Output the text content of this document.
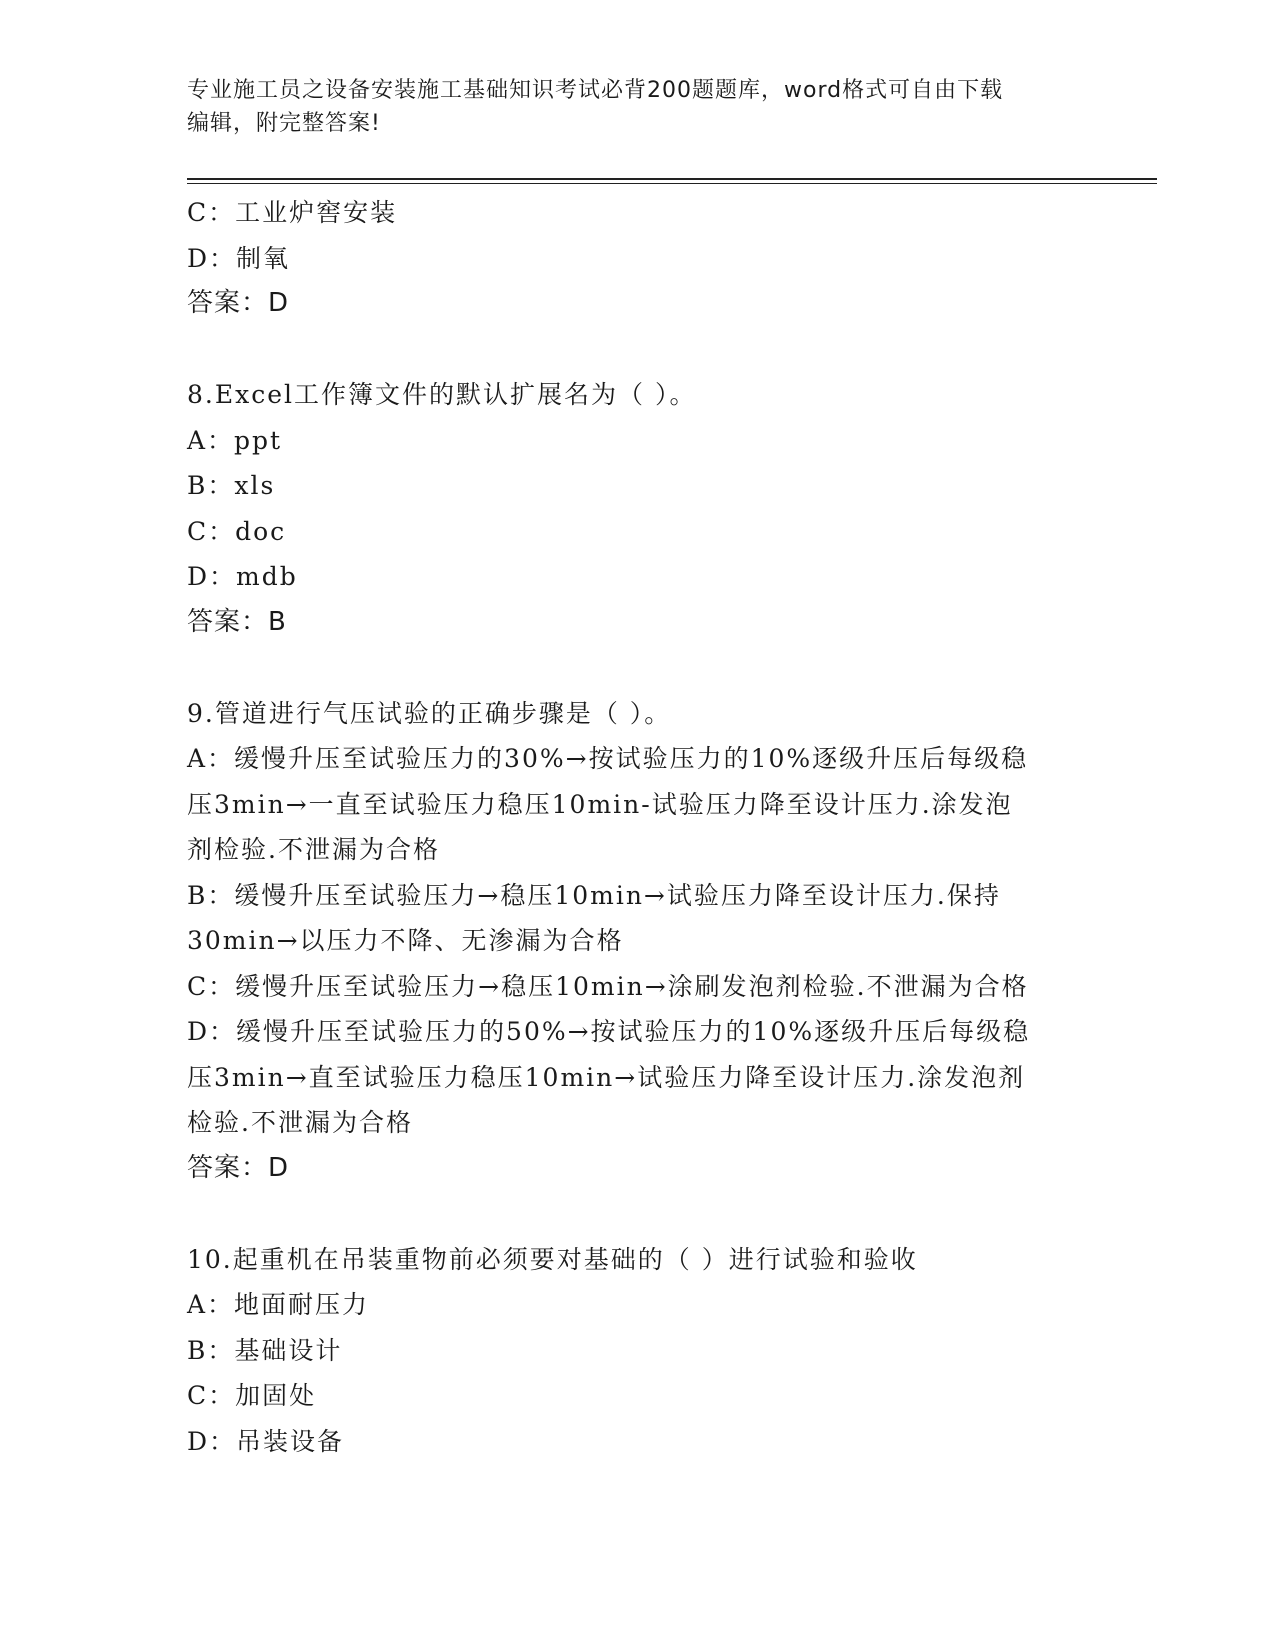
专业施工员之设备安装施工基础知识考试必背200题题库，word格式可自由下载
编辑，附完整答案!
C：工业炉窖安装
D：制氧
答案：D
8.Excel工作簿文件的默认扩展名为（ ）。
A：ppt
B：xls
C：doc
D：mdb
答案：B
9.管道进行气压试验的正确步骤是（ ）。
A：缓慢升压至试验压力的30%→按试验压力的10%逐级升压后每级稳
压3min→一直至试验压力稳压10min-试验压力降至设计压力.涂发泡
剂检验.不泄漏为合格
B：缓慢升压至试验压力→稳压10min→试验压力降至设计压力.保持
30min→以压力不降、无渗漏为合格
C：缓慢升压至试验压力→稳压10min→涂刷发泡剂检验.不泄漏为合格
D：缓慢升压至试验压力的50%→按试验压力的10%逐级升压后每级稳
压3min→直至试验压力稳压10min→试验压力降至设计压力.涂发泡剂
检验.不泄漏为合格
答案：D
10.起重机在吊装重物前必须要对基础的（ ）进行试验和验收
A：地面耐压力
B：基础设计
C：加固处
D：吊装设备
